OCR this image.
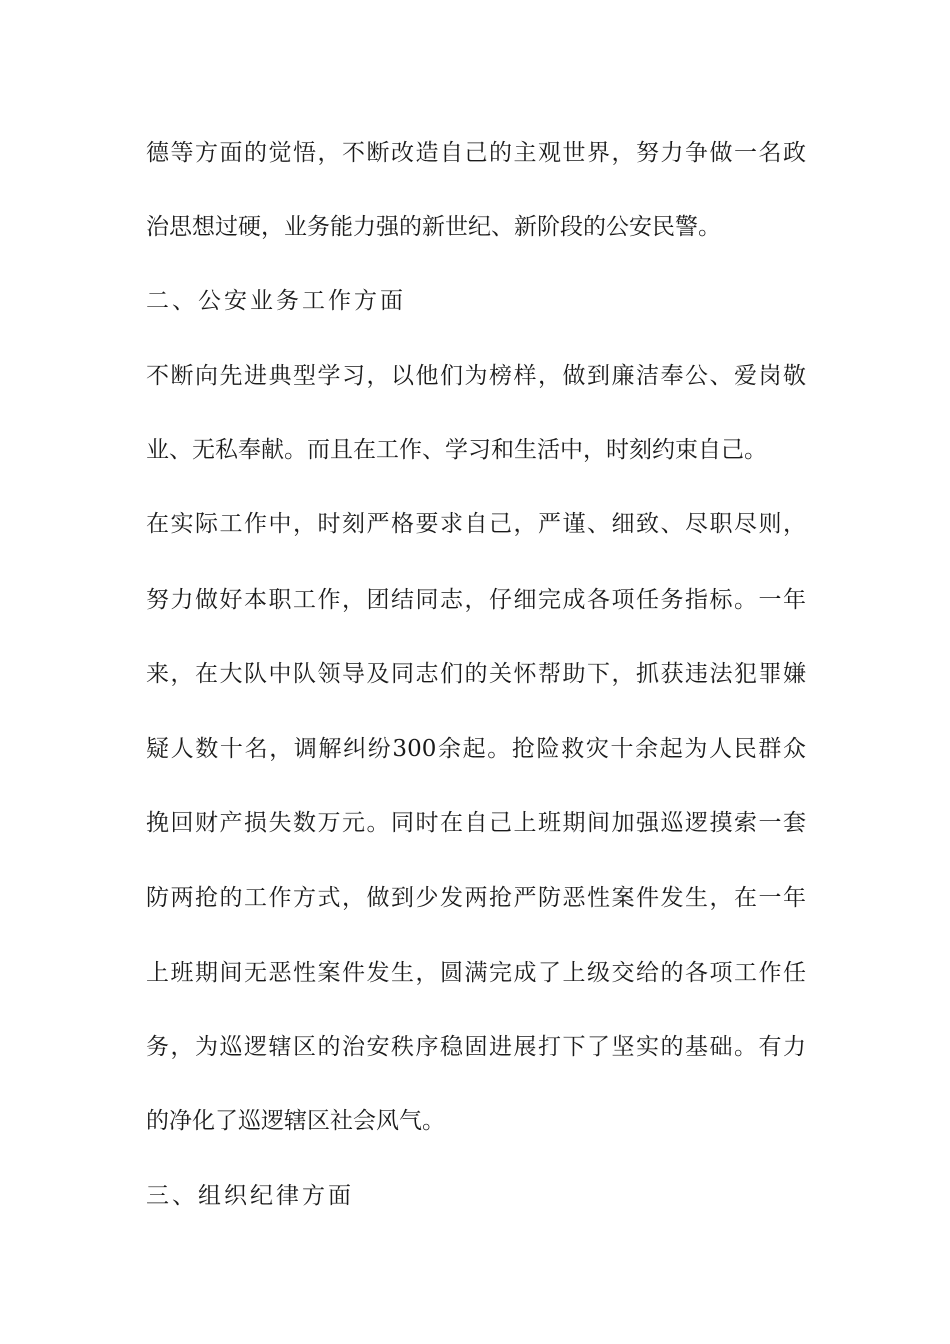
德等方面的觉悟，不断改造自己的主观世界，努力争做一名政
治思想过硬，业务能力强的新世纪、新阶段的公安民警。
二、公安业务工作方面
不断向先进典型学习，以他们为榜样，做到廉洁奉公、爱岗敬
业、无私奉献。而且在工作、学习和生活中，时刻约束自己。
在实际工作中，时刻严格要求自己，严谨、细致、尽职尽则，
努力做好本职工作，团结同志，仔细完成各项任务指标。一年
来，在大队中队领导及同志们的关怀帮助下，抓获违法犯罪嫌
疑人数十名，调解纠纷300余起。抢险救灾十余起为人民群众
挽回财产损失数万元。同时在自己上班期间加强巡逻摸索一套
防两抢的工作方式，做到少发两抢严防恶性案件发生，在一年
上班期间无恶性案件发生，圆满完成了上级交给的各项工作任
务，为巡逻辖区的治安秩序稳固进展打下了坚实的基础。有力
的净化了巡逻辖区社会风气。
三、组织纪律方面
